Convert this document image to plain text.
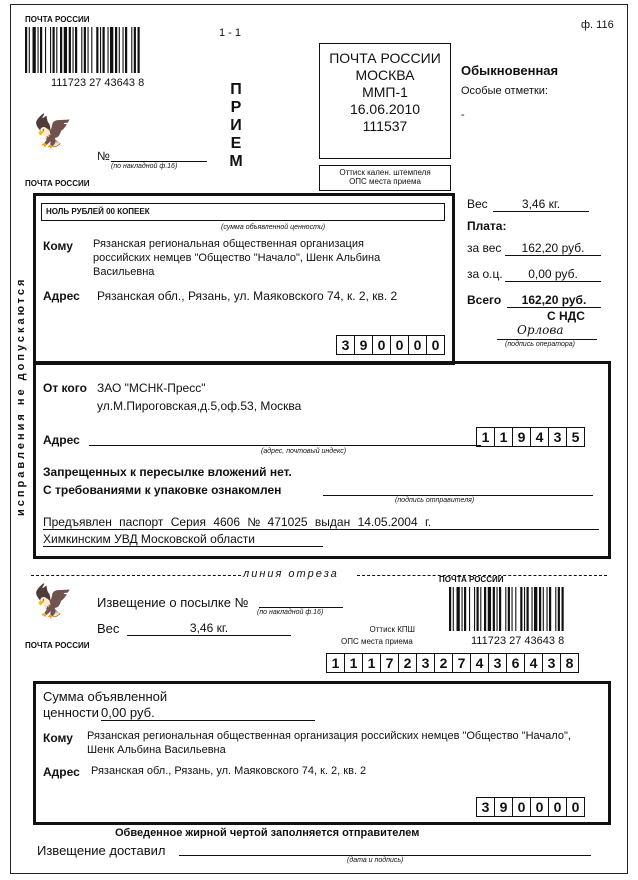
ПОЧТА РОССИИ
111723 27 43643 8
1 - 1
ф. 116
🦅
ПОЧТА РОССИИ
№
(по накладной ф.16)
П
Р
И
Е
М
ПОЧТА РОССИИ
МОСКВА
ММП-1
16.06.2010
111537
Оттиск кален. штемпеля
ОПС места приема
Обыкновенная
Особые отметки:
-
Вес	3,46 кг.
Плата:
за вес	162,20 руб.
за о.ц.	0,00 руб.
Всего	162,20 руб.
С НДС
Орлова
(подпись оператора)
исправления не допускаются
НОЛЬ РУБЛЕЙ 00 КОПЕЕК
(сумма объявленной ценности)
Кому Рязанская региональная общественная организация российских немцев "Общество "Начало", Шенк Альбина Васильевна
Адрес Рязанская обл., Рязань, ул. Маяковского 74, к. 2, кв. 2
3 9 0 0 0 0
От кого ЗАО "МСНК-Пресс"
ул.М.Пироговская,д.5,оф.53, Москва
Адрес
(адрес, почтовый индекс)
1 1 9 4 3 5
Запрещенных к пересылке вложений нет.
С требованиями к упаковке ознакомлен
(подпись отправителя)
Предъявлен паспорт Серия 4606 № 471025 выдан 14.05.2004 г.
Химкинским УВД Московской области
линия отреза
🦅
ПОЧТА РОССИИ
Извещение о посылке №
(по накладной ф.16)
Вес	3,46 кг.	Оттиск КПШ
ОПС места приема
ПОЧТА РОССИИ
111723 27 43643 8
1 1 1 7 2 3 2 7 4 3 6 4 3 8
Сумма объявленной
ценности 0,00 руб.
Кому Рязанская региональная общественная организация российских немцев "Общество "Начало", Шенк Альбина Васильевна
Адрес Рязанская обл., Рязань, ул. Маяковского 74, к. 2, кв. 2
3 9 0 0 0 0
Обведенное жирной чертой заполняется отправителем
Извещение доставил
(дата и подпись)
